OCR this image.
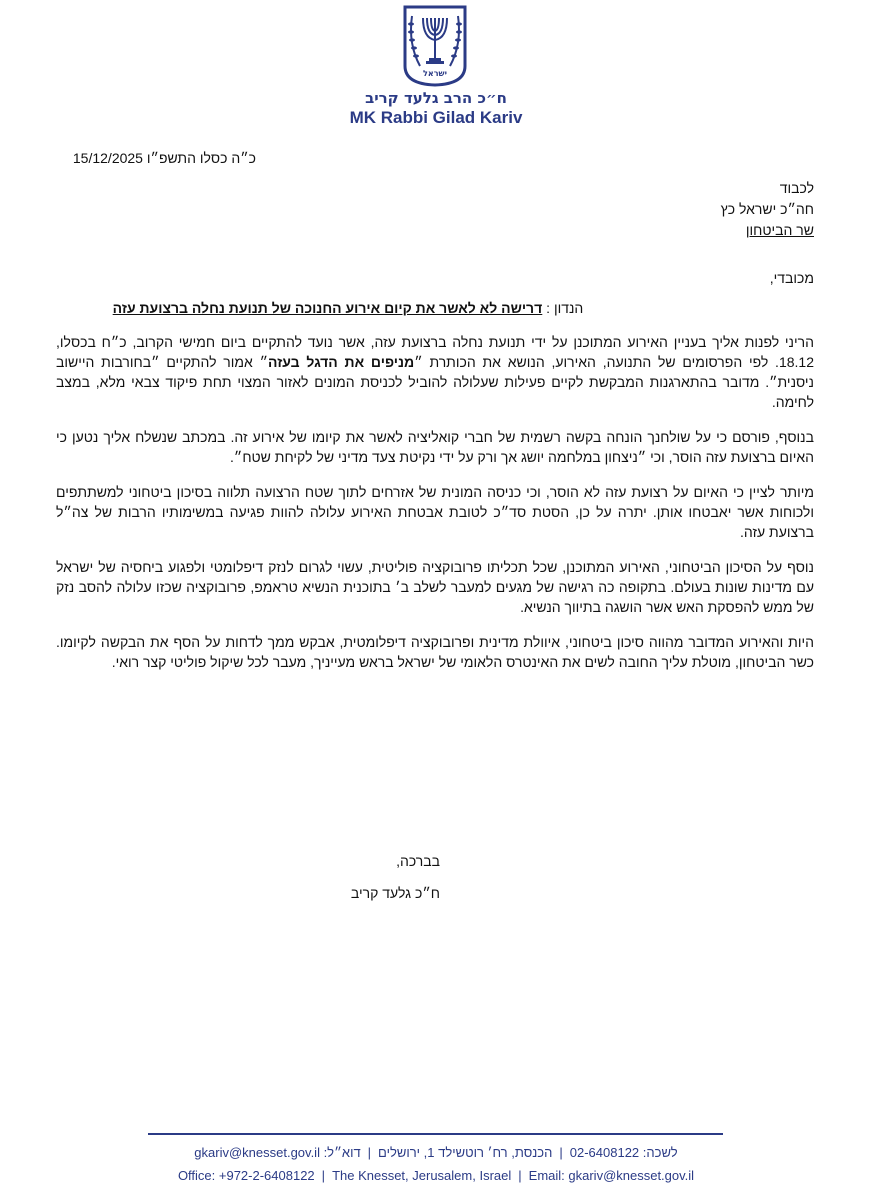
ישראל
ח״כ הרב גלעד קריב
MK Rabbi Gilad Kariv
כ״ה כסלו התשפ״ו 15/12/2025
לכבוד
חה״כ ישראל כץ
שר הביטחון
מכובדי,
הנדון : דרישה לא לאשר את קיום אירוע החנוכה של תנועת נחלה ברצועת עזה

הריני לפנות אליך בעניין האירוע המתוכנן על ידי תנועת נחלה ברצועת עזה, אשר נועד להתקיים ביום חמישי הקרוב, כ״ח בכסלו, 18.12. לפי הפרסומים של התנועה, האירוע, הנושא את הכותרת ״מניפים את הדגל בעזה״ אמור להתקיים ״בחורבות היישוב ניסנית״. מדובר בהתארגנות המבקשת לקיים פעילות שעלולה להוביל לכניסת המונים לאזור המצוי תחת פיקוד צבאי מלא, במצב לחימה.

בנוסף, פורסם כי על שולחנך הונחה בקשה רשמית של חברי קואליציה לאשר את קיומו של אירוע זה. במכתב שנשלח אליך נטען כי האיום ברצועת עזה הוסר, וכי ״ניצחון במלחמה יושג אך ורק על ידי נקיטת צעד מדיני של לקיחת שטח״.

מיותר לציין כי האיום על רצועת עזה לא הוסר, וכי כניסה המונית של אזרחים לתוך שטח הרצועה תלווה בסיכון ביטחוני למשתתפים ולכוחות אשר יאבטחו אותן. יתרה על כן, הסטת סד״כ לטובת אבטחת האירוע עלולה להוות פגיעה במשימותיו הרבות של צה״ל ברצועת עזה.

נוסף על הסיכון הביטחוני, האירוע המתוכנן, שכל תכליתו פרובוקציה פוליטית, עשוי לגרום לנזק דיפלומטי ולפגוע ביחסיה של ישראל עם מדינות שונות בעולם. בתקופה כה רגישה של מגעים למעבר לשלב ב׳ בתוכנית הנשיא טראמפ, פרובוקציה שכזו עלולה להסב נזק של ממש להפסקת האש אשר הושגה בתיווך הנשיא.

היות והאירוע המדובר מהווה סיכון ביטחוני, איוולת מדינית ופרובוקציה דיפלומטית, אבקש ממך לדחות על הסף את הבקשה לקיומו. כשר הביטחון, מוטלת עליך החובה לשים את האינטרס הלאומי של ישראל בראש מעייניך, מעבר לכל שיקול פוליטי קצר רואי.

בברכה,
ח״כ גלעד קריב
לשכה: 02-6408122|הכנסת, רח׳ רוטשילד 1, ירושלים|דוא״ל: gkariv@knesset.gov.il
Office: +972-2-6408122 | The Knesset, Jerusalem, Israel | Email: gkariv@knesset.gov.il
